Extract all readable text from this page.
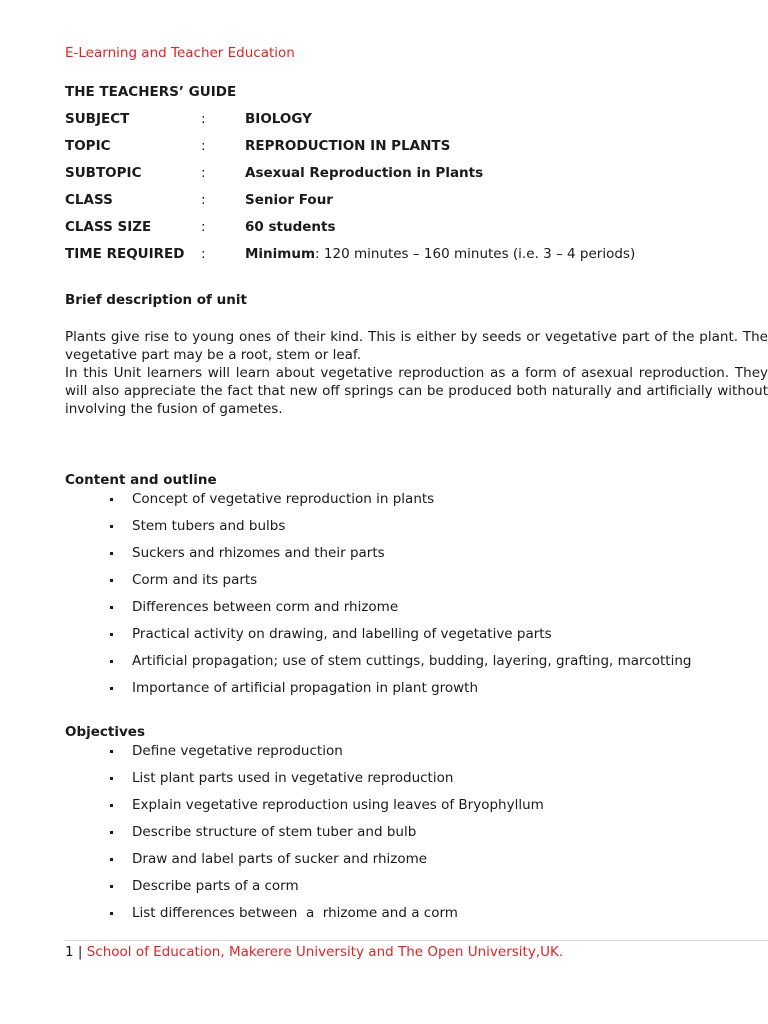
E-Learning and Teacher Education
THE TEACHERS’ GUIDE
SUBJECT	:	BIOLOGY
TOPIC	:	REPRODUCTION IN PLANTS
SUBTOPIC	:	Asexual Reproduction in Plants
CLASS	:	Senior Four
CLASS SIZE	:	60 students
TIME REQUIRED :	Minimum: 120 minutes – 160 minutes (i.e. 3 – 4 periods)
Brief description of unit

Plants give rise to young ones of their kind. This is either by seeds or vegetative part of the plant. The vegetative part may be a root, stem or leaf.

In this Unit learners will learn about vegetative reproduction as a form of asexual reproduction. They will also appreciate the fact that new off springs can be produced both naturally and artificially without involving the fusion of gametes.

Content and outline
Concept of vegetative reproduction in plants
Stem tubers and bulbs
Suckers and rhizomes and their parts
Corm and its parts
Differences between corm and rhizome
Practical activity on drawing, and labelling of vegetative parts
Artificial propagation; use of stem cuttings, budding, layering, grafting, marcotting
Importance of artificial propagation in plant growth
Objectives
Define vegetative reproduction
List plant parts used in vegetative reproduction
Explain vegetative reproduction using leaves of Bryophyllum
Describe structure of stem tuber and bulb
Draw and label parts of sucker and rhizome
Describe parts of a corm
List differences between  a  rhizome and a corm
1 | School of Education, Makerere University and The Open University,UK.
